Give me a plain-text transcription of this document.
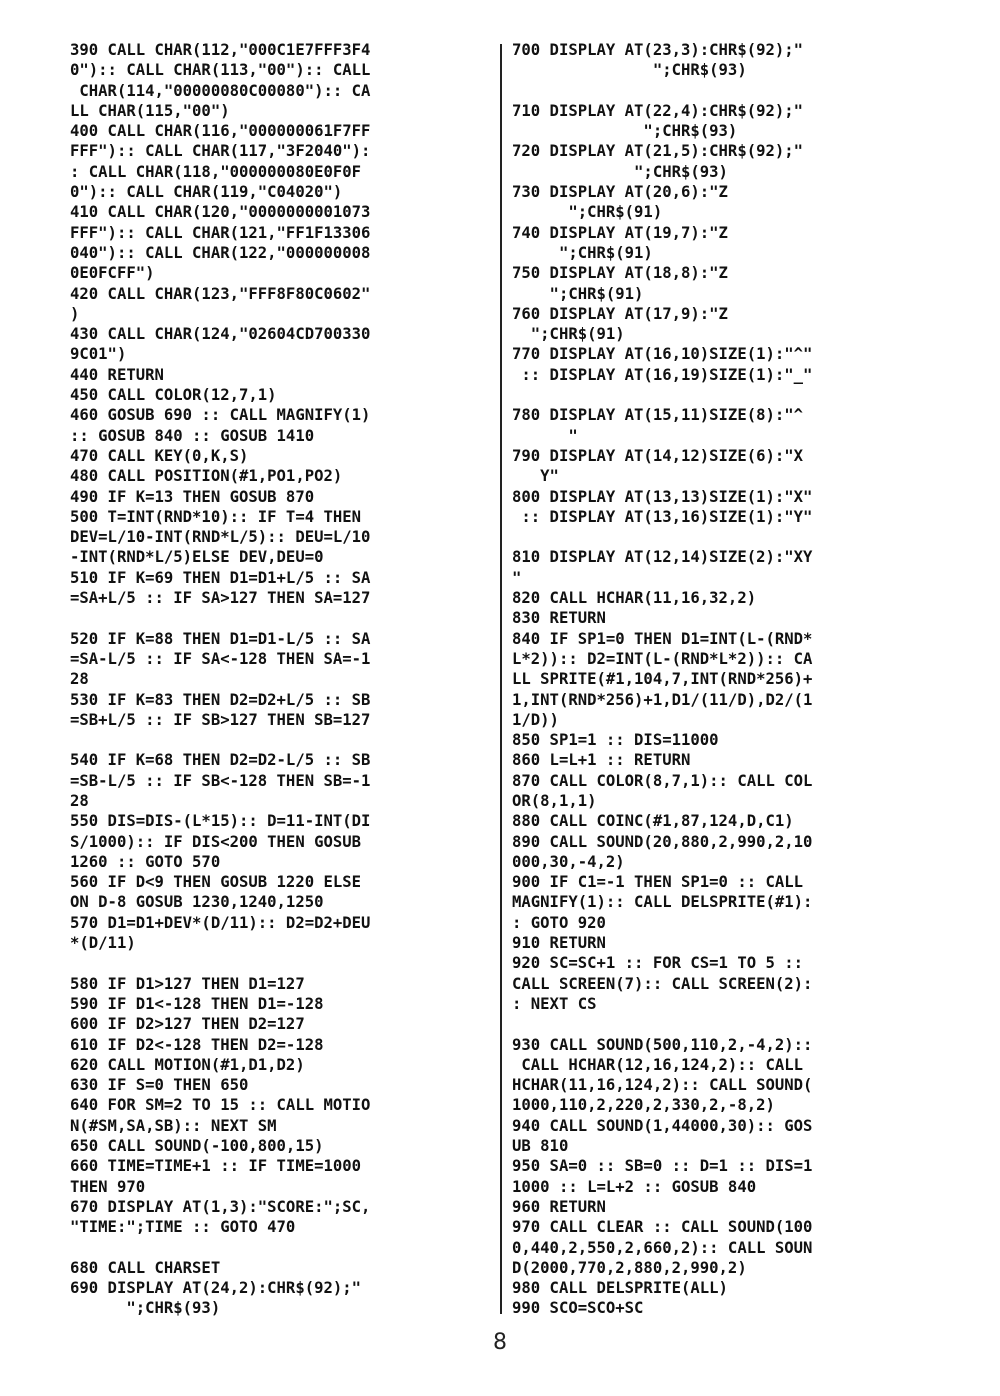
390 CALL CHAR(112,"000C1E7FFF3F4
0"):: CALL CHAR(113,"00"):: CALL
CHAR(114,"00000080C00080"):: CA
LL CHAR(115,"00")
400 CALL CHAR(116,"000000061F7FF
FFF"):: CALL CHAR(117,"3F2040"):
: CALL CHAR(118,"000000080E0F0F
0"):: CALL CHAR(119,"C04020")
410 CALL CHAR(120,"0000000001073
FFF"):: CALL CHAR(121,"FF1F13306
040"):: CALL CHAR(122,"000000008
0E0FCFF")
420 CALL CHAR(123,"FFF8F80C0602"
)
430 CALL CHAR(124,"02604CD700330
9C01")
440 RETURN
450 CALL COLOR(12,7,1)
460 GOSUB 690 :: CALL MAGNIFY(1)
:: GOSUB 840 :: GOSUB 1410
470 CALL KEY(0,K,S)
480 CALL POSITION(#1,PO1,PO2)
490 IF K=13 THEN GOSUB 870
500 T=INT(RND*10):: IF T=4 THEN
DEV=L/10-INT(RND*L/5):: DEU=L/10
-INT(RND*L/5)ELSE DEV,DEU=0
510 IF K=69 THEN D1=D1+L/5 :: SA
=SA+L/5 :: IF SA>127 THEN SA=127

520 IF K=88 THEN D1=D1-L/5 :: SA
=SA-L/5 :: IF SA<-128 THEN SA=-1
28
530 IF K=83 THEN D2=D2+L/5 :: SB
=SB+L/5 :: IF SB>127 THEN SB=127

540 IF K=68 THEN D2=D2-L/5 :: SB
=SB-L/5 :: IF SB<-128 THEN SB=-1
28
550 DIS=DIS-(L*15):: D=11-INT(DI
S/1000):: IF DIS<200 THEN GOSUB
1260 :: GOTO 570
560 IF D<9 THEN GOSUB 1220 ELSE
ON D-8 GOSUB 1230,1240,1250
570 D1=D1+DEV*(D/11):: D2=D2+DEU
*(D/11)

580 IF D1>127 THEN D1=127
590 IF D1<-128 THEN D1=-128
600 IF D2>127 THEN D2=127
610 IF D2<-128 THEN D2=-128
620 CALL MOTION(#1,D1,D2)
630 IF S=0 THEN 650
640 FOR SM=2 TO 15 :: CALL MOTIO
N(#SM,SA,SB):: NEXT SM
650 CALL SOUND(-100,800,15)
660 TIME=TIME+1 :: IF TIME=1000
THEN 970
670 DISPLAY AT(1,3):"SCORE:";SC,
"TIME:";TIME :: GOTO 470

680 CALL CHARSET
690 DISPLAY AT(24,2):CHR$(92);"
";CHR$(93)

700 DISPLAY AT(23,3):CHR$(92);"
";CHR$(93)

710 DISPLAY AT(22,4):CHR$(92);"
";CHR$(93)
720 DISPLAY AT(21,5):CHR$(92);"
";CHR$(93)
730 DISPLAY AT(20,6):"Z
";CHR$(91)
740 DISPLAY AT(19,7):"Z
";CHR$(91)
750 DISPLAY AT(18,8):"Z
";CHR$(91)
760 DISPLAY AT(17,9):"Z
";CHR$(91)
770 DISPLAY AT(16,10)SIZE(1):"^"
:: DISPLAY AT(16,19)SIZE(1):"_"

780 DISPLAY AT(15,11)SIZE(8):"^
"
790 DISPLAY AT(14,12)SIZE(6):"X
Y"
800 DISPLAY AT(13,13)SIZE(1):"X"
:: DISPLAY AT(13,16)SIZE(1):"Y"

810 DISPLAY AT(12,14)SIZE(2):"XY
"
820 CALL HCHAR(11,16,32,2)
830 RETURN
840 IF SP1=0 THEN D1=INT(L-(RND*
L*2)):: D2=INT(L-(RND*L*2)):: CA
LL SPRITE(#1,104,7,INT(RND*256)+
1,INT(RND*256)+1,D1/(11/D),D2/(1
1/D))
850 SP1=1 :: DIS=11000
860 L=L+1 :: RETURN
870 CALL COLOR(8,7,1):: CALL COL
OR(8,1,1)
880 CALL COINC(#1,87,124,D,C1)
890 CALL SOUND(20,880,2,990,2,10
000,30,-4,2)
900 IF C1=-1 THEN SP1=0 :: CALL
MAGNIFY(1):: CALL DELSPRITE(#1):
: GOTO 920
910 RETURN
920 SC=SC+1 :: FOR CS=1 TO 5 ::
CALL SCREEN(7):: CALL SCREEN(2):
: NEXT CS

930 CALL SOUND(500,110,2,-4,2)::
CALL HCHAR(12,16,124,2):: CALL
HCHAR(11,16,124,2):: CALL SOUND(
1000,110,2,220,2,330,2,-8,2)
940 CALL SOUND(1,44000,30):: GOS
UB 810
950 SA=0 :: SB=0 :: D=1 :: DIS=1
1000 :: L=L+2 :: GOSUB 840
960 RETURN
970 CALL CLEAR :: CALL SOUND(100
0,440,2,550,2,660,2):: CALL SOUN
D(2000,770,2,880,2,990,2)
980 CALL DELSPRITE(ALL)
990 SCO=SCO+SC

8
